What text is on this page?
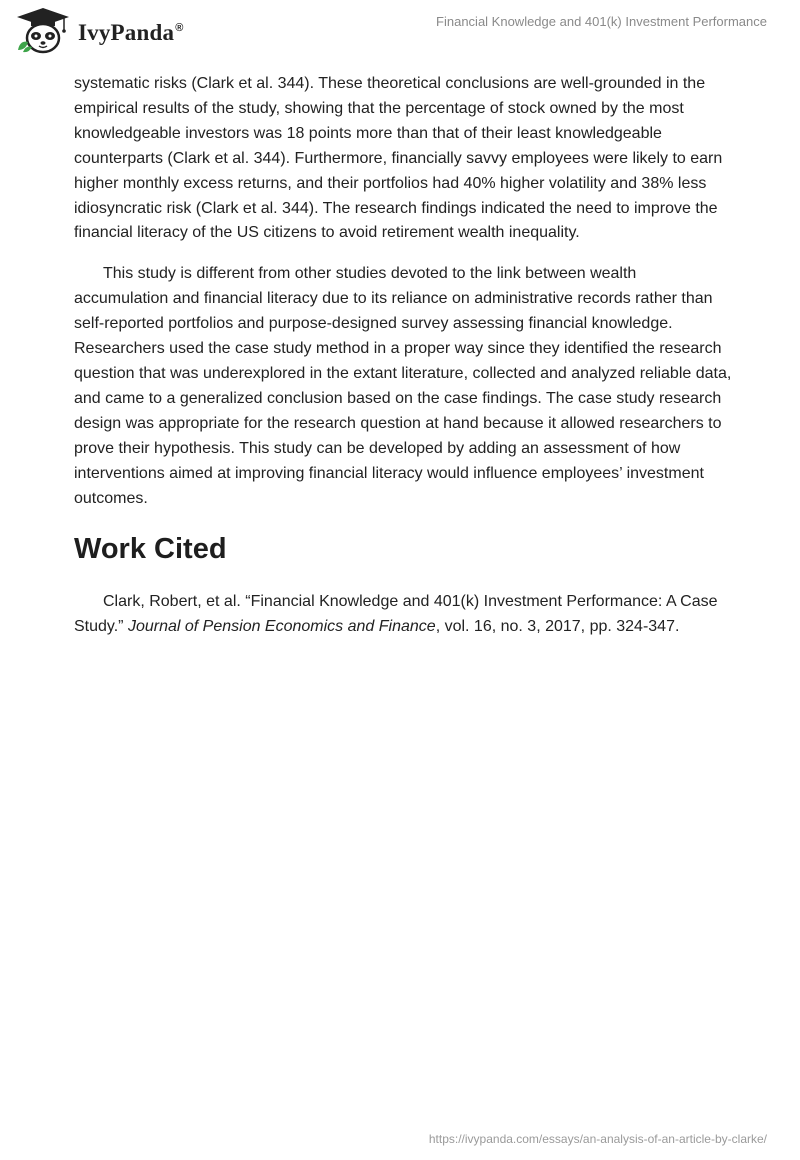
IvyPanda®	Financial Knowledge and 401(k) Investment Performance

systematic risks (Clark et al. 344). These theoretical conclusions are well-grounded in the empirical results of the study, showing that the percentage of stock owned by the most knowledgeable investors was 18 points more than that of their least knowledgeable counterparts (Clark et al. 344). Furthermore, financially savvy employees were likely to earn higher monthly excess returns, and their portfolios had 40% higher volatility and 38% less idiosyncratic risk (Clark et al. 344). The research findings indicated the need to improve the financial literacy of the US citizens to avoid retirement wealth inequality.

This study is different from other studies devoted to the link between wealth accumulation and financial literacy due to its reliance on administrative records rather than self-reported portfolios and purpose-designed survey assessing financial knowledge. Researchers used the case study method in a proper way since they identified the research question that was underexplored in the extant literature, collected and analyzed reliable data, and came to a generalized conclusion based on the case findings. The case study research design was appropriate for the research question at hand because it allowed researchers to prove their hypothesis. This study can be developed by adding an assessment of how interventions aimed at improving financial literacy would influence employees’ investment outcomes.

Work Cited

Clark, Robert, et al. “Financial Knowledge and 401(k) Investment Performance: A Case Study.” Journal of Pension Economics and Finance, vol. 16, no. 3, 2017, pp. 324-347.

https://ivypanda.com/essays/an-analysis-of-an-article-by-clarke/
